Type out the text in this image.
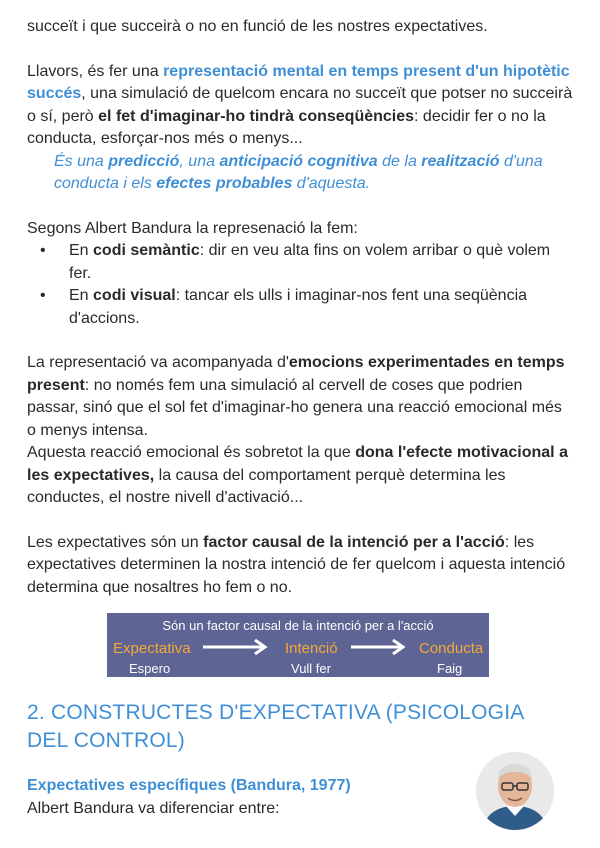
succeït i que succeirà o no en funció de les nostres expectatives.

Llavors, és fer una representació mental en temps present d'un hipotètic succés, una simulació de quelcom encara no succeït que potser no succeirà o sí, però el fet d'imaginar-ho tindrà conseqüències: decidir fer o no la conducta, esforçar-nos més o menys...

És una predicció, una anticipació cognitiva de la realització d'una conducta i els efectes probables d'aquesta.

Segons Albert Bandura la represenació la fem:

• En codi semàntic: dir en veu alta fins on volem arribar o què volem fer.
• En codi visual: tancar els ulls i imaginar-nos fent una seqüència d'accions.

La representació va acompanyada d'emocions experimentades en temps present: no només fem una simulació al cervell de coses que podrien passar, sinó que el sol fet d'imaginar-ho genera una reacció emocional més o menys intensa.

Aquesta reacció emocional és sobretot la que dona l'efecte motivacional a les expectatives, la causa del comportament perquè determina les conductes, el nostre nivell d'activació...

Les expectatives són un factor causal de la intenció per a l'acció: les expectatives determinen la nostra intenció de fer quelcom i aquesta intenció determina que nosaltres ho fem o no.

Són un factor causal de la intenció per a l'acció
Expectativa
Espero
Intenció
Vull fer
Conducta
Faig
2. CONSTRUCTES D'EXPECTATIVA (PSICOLOGIA DEL CONTROL)

Expectatives específiques (Bandura, 1977)

Albert Bandura va diferenciar entre:
